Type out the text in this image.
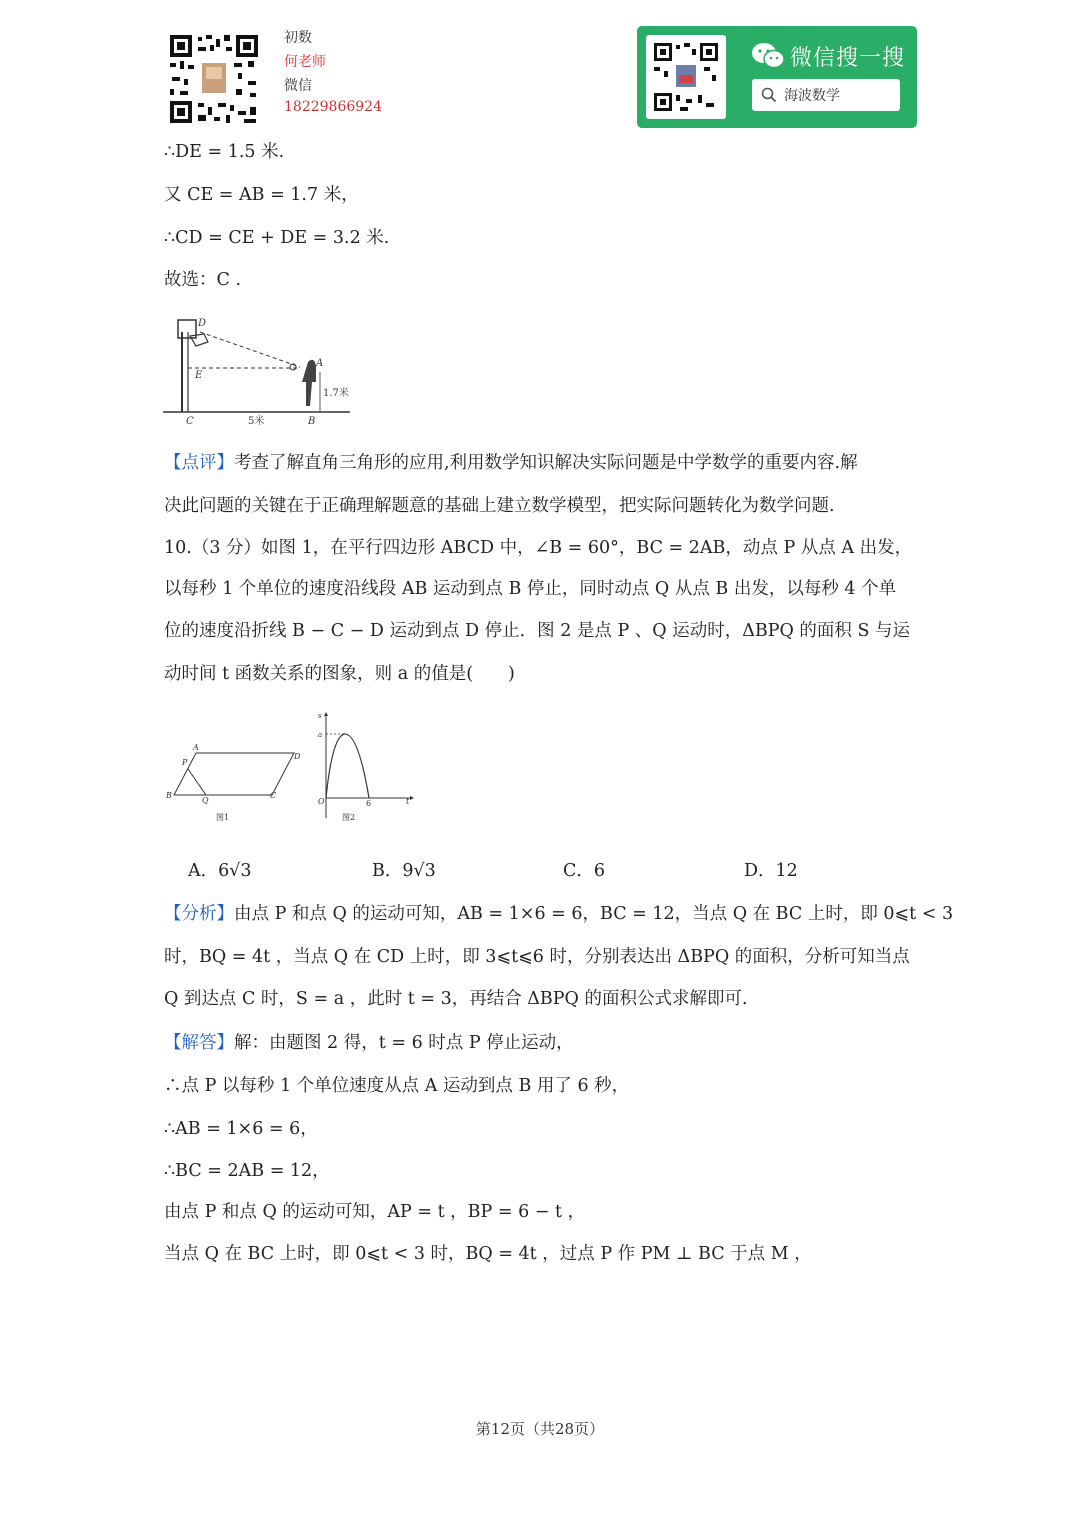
初数
何老师
微信
18229866924
微信搜一搜
海波数学
∴DE = 1.5 米.
又 CE = AB = 1.7 米，
∴CD = CE + DE = 3.2 米.
故选：C .
D
A
E
C	B
1.7米
5米
【点评】考查了解直角三角形的应用,利用数学知识解决实际问题是中学数学的重要内容.解
决此问题的关键在于正确理解题意的基础上建立数学模型，把实际问题转化为数学问题.
10.（3 分）如图 1，在平行四边形 ABCD 中，∠B = 60°，BC = 2AB，动点 P 从点 A 出发，
以每秒 1 个单位的速度沿线段 AB 运动到点 B 停止，同时动点 Q 从点 B 出发，以每秒 4 个单
位的速度沿折线 B − C − D 运动到点 D 停止．图 2 是点 P 、Q 运动时，ΔBPQ 的面积 S 与运
动时间 t 函数关系的图象，则 a 的值是(　　)
A
D
P
B
Q
C
图1
s
a
O	6	t
图2
A．6√3	B．9√3	C．6	D．12
【分析】由点 P 和点 Q 的运动可知，AB = 1×6 = 6，BC = 12，当点 Q 在 BC 上时，即 0⩽t < 3
时，BQ = 4t ，当点 Q 在 CD 上时，即 3⩽t⩽6 时，分别表达出 ΔBPQ 的面积，分析可知当点
Q 到达点 C 时，S = a ，此时 t = 3，再结合 ΔBPQ 的面积公式求解即可.
【解答】解：由题图 2 得，t = 6 时点 P 停止运动，
∴点 P 以每秒 1 个单位速度从点 A 运动到点 B 用了 6 秒，
∴AB = 1×6 = 6，
∴BC = 2AB = 12，
由点 P 和点 Q 的运动可知，AP = t ，BP = 6 − t ，
当点 Q 在 BC 上时，即 0⩽t < 3 时，BQ = 4t ，过点 P 作 PM ⊥ BC 于点 M ，
第12页（共28页）
